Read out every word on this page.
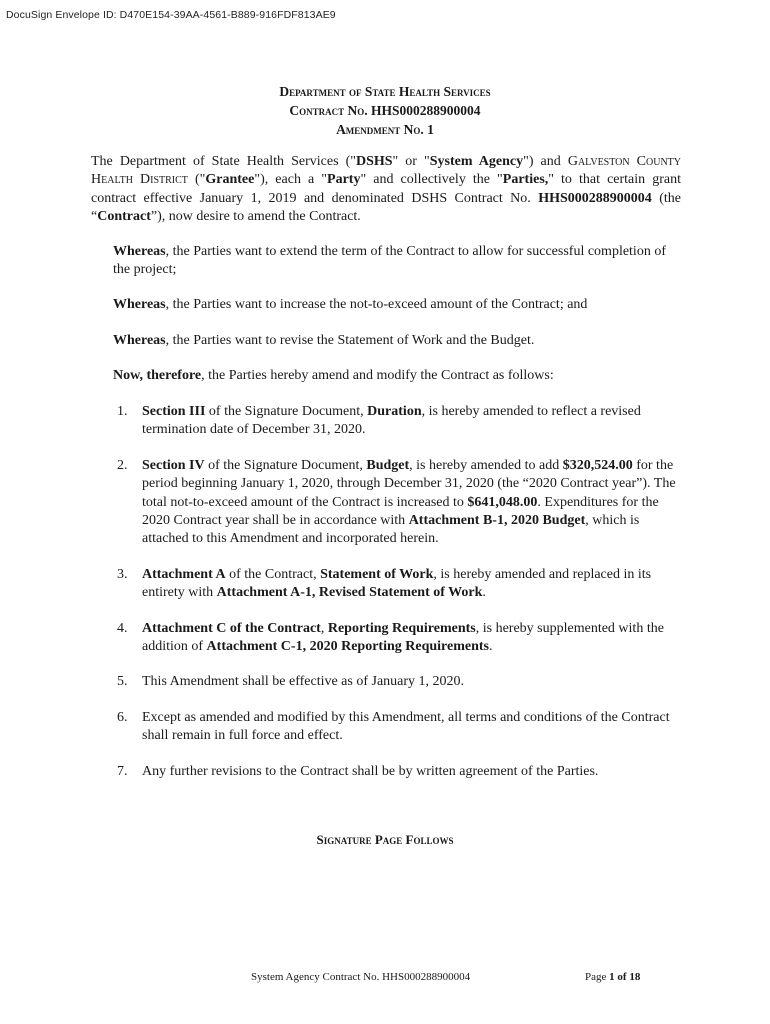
DocuSign Envelope ID: D470E154-39AA-4561-B889-916FDF813AE9
Department of State Health Services
Contract No. HHS000288900004
Amendment No. 1
The Department of State Health Services ("DSHS" or "System Agency") and Galveston County Health District ("Grantee"), each a "Party" and collectively the "Parties," to that certain grant contract effective January 1, 2019 and denominated DSHS Contract No. HHS000288900004 (the “Contract”), now desire to amend the Contract.
Whereas, the Parties want to extend the term of the Contract to allow for successful completion of the project;
Whereas, the Parties want to increase the not-to-exceed amount of the Contract; and
Whereas, the Parties want to revise the Statement of Work and the Budget.
Now, therefore, the Parties hereby amend and modify the Contract as follows:
1. Section III of the Signature Document, Duration, is hereby amended to reflect a revised termination date of December 31, 2020.
2. Section IV of the Signature Document, Budget, is hereby amended to add $320,524.00 for the period beginning January 1, 2020, through December 31, 2020 (the “2020 Contract year”). The total not-to-exceed amount of the Contract is increased to $641,048.00. Expenditures for the 2020 Contract year shall be in accordance with Attachment B-1, 2020 Budget, which is attached to this Amendment and incorporated herein.
3. Attachment A of the Contract, Statement of Work, is hereby amended and replaced in its entirety with Attachment A-1, Revised Statement of Work.
4. Attachment C of the Contract, Reporting Requirements, is hereby supplemented with the addition of Attachment C-1, 2020 Reporting Requirements.
5. This Amendment shall be effective as of January 1, 2020.
6. Except as amended and modified by this Amendment, all terms and conditions of the Contract shall remain in full force and effect.
7. Any further revisions to the Contract shall be by written agreement of the Parties.
Signature Page Follows
System Agency Contract No. HHS000288900004	Page 1 of 18
